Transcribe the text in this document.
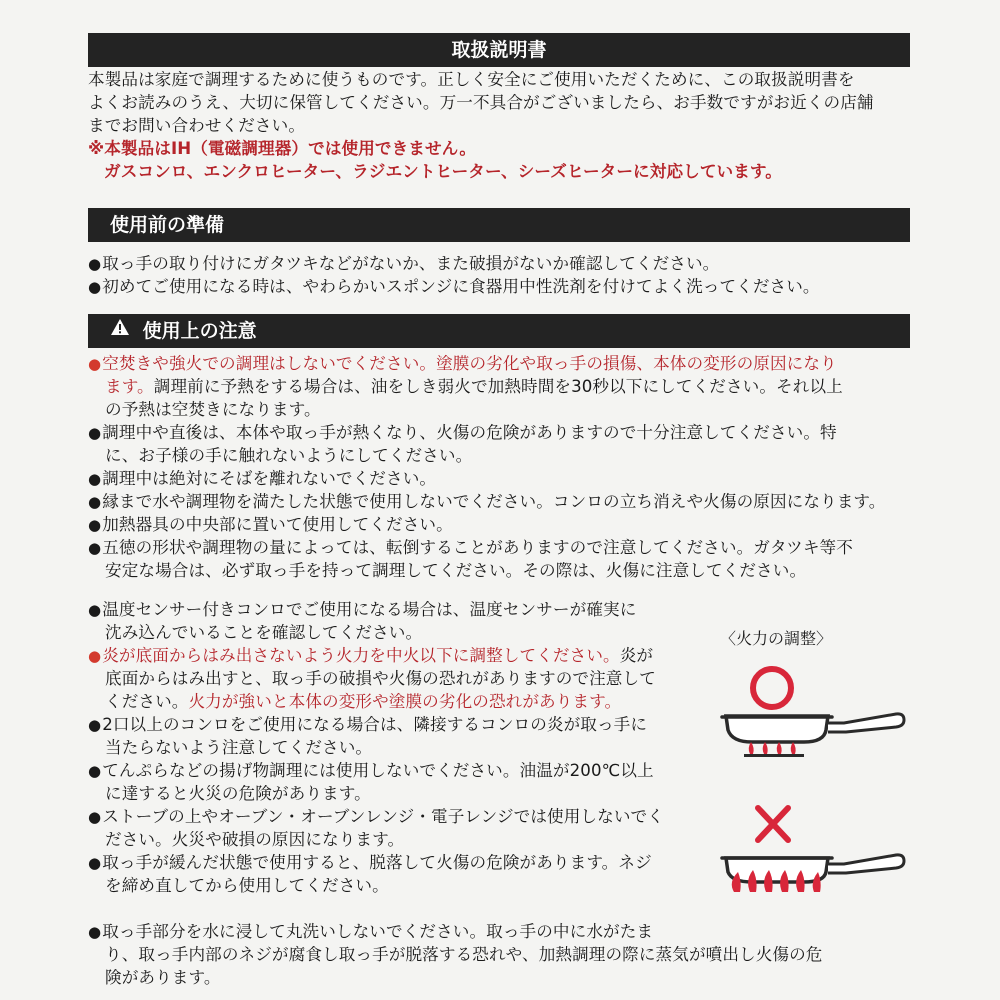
取扱説明書
本製品は家庭で調理するために使うものです。正しく安全にご使用いただくために、この取扱説明書を
よくお読みのうえ、大切に保管してください。万一不具合がございましたら、お手数ですがお近くの店舗
までお問い合わせください。
※本製品はIH（電磁調理器）では使用できません。
ガスコンロ、エンクロヒーター、ラジエントヒーター、シーズヒーターに対応しています。
使用前の準備
●取っ手の取り付けにガタツキなどがないか、また破損がないか確認してください。
●初めてご使用になる時は、やわらかいスポンジに食器用中性洗剤を付けてよく洗ってください。
使用上の注意
●空焚きや強火での調理はしないでください。塗膜の劣化や取っ手の損傷、本体の変形の原因になり
ます。調理前に予熱をする場合は、油をしき弱火で加熱時間を30秒以下にしてください。それ以上
の予熱は空焚きになります。
●調理中や直後は、本体や取っ手が熱くなり、火傷の危険がありますので十分注意してください。特
に、お子様の手に触れないようにしてください。
●調理中は絶対にそばを離れないでください。
●縁まで水や調理物を満たした状態で使用しないでください。コンロの立ち消えや火傷の原因になります。
●加熱器具の中央部に置いて使用してください。
●五徳の形状や調理物の量によっては、転倒することがありますので注意してください。ガタツキ等不
安定な場合は、必ず取っ手を持って調理してください。その際は、火傷に注意してください。
●温度センサー付きコンロでご使用になる場合は、温度センサーが確実に
沈み込んでいることを確認してください。
●炎が底面からはみ出さないよう火力を中火以下に調整してください。炎が
底面からはみ出すと、取っ手の破損や火傷の恐れがありますので注意して
ください。火力が強いと本体の変形や塗膜の劣化の恐れがあります。
●2口以上のコンロをご使用になる場合は、隣接するコンロの炎が取っ手に
当たらないよう注意してください。
●てんぷらなどの揚げ物調理には使用しないでください。油温が200℃以上
に達すると火災の危険があります。
●ストーブの上やオーブン・オーブンレンジ・電子レンジでは使用しないでく
ださい。火災や破損の原因になります。
●取っ手が緩んだ状態で使用すると、脱落して火傷の危険があります。ネジ
を締め直してから使用してください。
●取っ手部分を水に浸して丸洗いしないでください。取っ手の中に水がたま
り、取っ手内部のネジが腐食し取っ手が脱落する恐れや、加熱調理の際に蒸気が噴出し火傷の危
険があります。
〈火力の調整〉
